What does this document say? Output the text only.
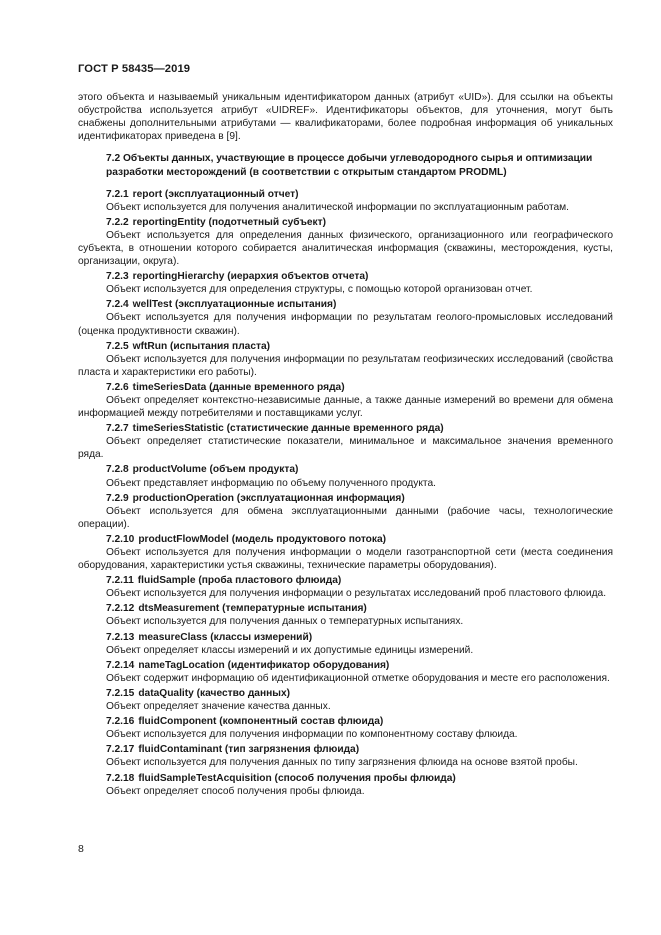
ГОСТ Р 58435—2019

этого объекта и называемый уникальным идентификатором данных (атрибут «UID»). Для ссылки на объекты обустройства используется атрибут «UIDREF». Идентификаторы объектов, для уточнения, могут быть снабжены дополнительными атрибутами — квалификаторами, более подробная информация об уникальных идентификаторах приведена в [9].

7.2 Объекты данных, участвующие в процессе добычи углеводородного сырья и оптимизации разработки месторождений (в соответствии с открытым стандартом PRODML)
7.2.1 report (эксплуатационный отчет)

Объект используется для получения аналитической информации по эксплуатационным работам.

7.2.2 reportingEntity (подотчетный субъект)

Объект используется для определения данных физического, организационного или географического субъекта, в отношении которого собирается аналитическая информация (скважины, месторождения, кусты, организации, округа).

7.2.3 reportingHierarchy (иерархия объектов отчета)

Объект используется для определения структуры, с помощью которой организован отчет.

7.2.4 wellTest (эксплуатационные испытания)

Объект используется для получения информации по результатам геолого-промысловых исследований (оценка продуктивности скважин).

7.2.5 wftRun (испытания пласта)

Объект используется для получения информации по результатам геофизических исследований (свойства пласта и характеристики его работы).

7.2.6 timeSeriesData (данные временного ряда)

Объект определяет контекстно-независимые данные, а также данные измерений во времени для обмена информацией между потребителями и поставщиками услуг.

7.2.7 timeSeriesStatistic (статистические данные временного ряда)

Объект определяет статистические показатели, минимальное и максимальное значения временного ряда.

7.2.8 productVolume (объем продукта)

Объект представляет информацию по объему полученного продукта.

7.2.9 productionOperation (эксплуатационная информация)

Объект используется для обмена эксплуатационными данными (рабочие часы, технологические операции).

7.2.10 productFlowModel (модель продуктового потока)

Объект используется для получения информации о модели газотранспортной сети (места соединения оборудования, характеристики устья скважины, технические параметры оборудования).

7.2.11 fluidSample (проба пластового флюида)

Объект используется для получения информации о результатах исследований проб пластового флюида.

7.2.12 dtsMeasurement (температурные испытания)

Объект используется для получения данных о температурных испытаниях.

7.2.13 measureClass (классы измерений)

Объект определяет классы измерений и их допустимые единицы измерений.

7.2.14 nameTagLocation (идентификатор оборудования)

Объект содержит информацию об идентификационной отметке оборудования и месте его расположения.

7.2.15 dataQuality (качество данных)

Объект определяет значение качества данных.

7.2.16 fluidComponent (компонентный состав флюида)

Объект используется для получения информации по компонентному составу флюида.

7.2.17 fluidContaminant (тип загрязнения флюида)

Объект используется для получения данных по типу загрязнения флюида на основе взятой пробы.

7.2.18 fluidSampleTestAcquisition (способ получения пробы флюида)

Объект определяет способ получения пробы флюида.

8
